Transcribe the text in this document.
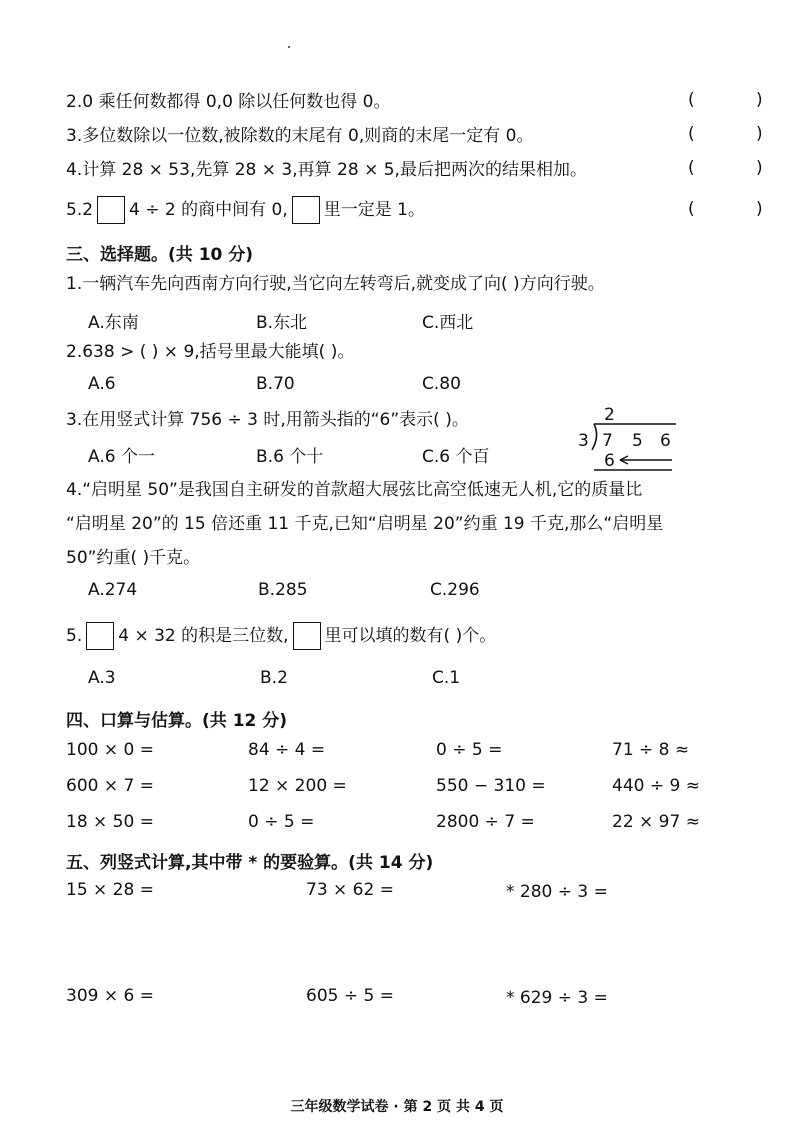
2.0 乘任何数都得 0,0 除以任何数也得 0。	( )
3.多位数除以一位数,被除数的末尾有 0,则商的末尾一定有 0。	( )
4.计算 28 × 53,先算 28 × 3,再算 28 × 5,最后把两次的结果相加。	( )
5.2 4 ÷ 2 的商中间有 0, 里一定是 1。	( )
三、选择题。(共 10 分)
1.一辆汽车先向西南方向行驶,当它向左转弯后,就变成了向( )方向行驶。
A.东南	B.东北	C.西北
2.638 > ( ) × 9,括号里最大能填( )。
A.6	B.70	C.80
3.在用竖式计算 756 ÷ 3 时,用箭头指的“6”表示( )。
A.6 个一	B.6 个十	C.6 个百
2
3 7 5 6
6
4.“启明星 50”是我国自主研发的首款超大展弦比高空低速无人机,它的质量比
“启明星 20”的 15 倍还重 11 千克,已知“启明星 20”约重 19 千克,那么“启明星
50”约重( )千克。
A.274	B.285	C.296
5. 4 × 32 的积是三位数, 里可以填的数有( )个。
A.3	B.2	C.1
四、口算与估算。(共 12 分)
100 × 0 =	84 ÷ 4 =	0 ÷ 5 =	71 ÷ 8 ≈
600 × 7 =	12 × 200 =	550 − 310 =	440 ÷ 9 ≈
18 × 50 =	0 ÷ 5 =	2800 ÷ 7 =	22 × 97 ≈
五、列竖式计算,其中带 * 的要验算。(共 14 分)
15 × 28 =	73 × 62 =	* 280 ÷ 3 =
309 × 6 =	605 ÷ 5 =	* 629 ÷ 3 =
三年级数学试卷 · 第 2 页 共 4 页
